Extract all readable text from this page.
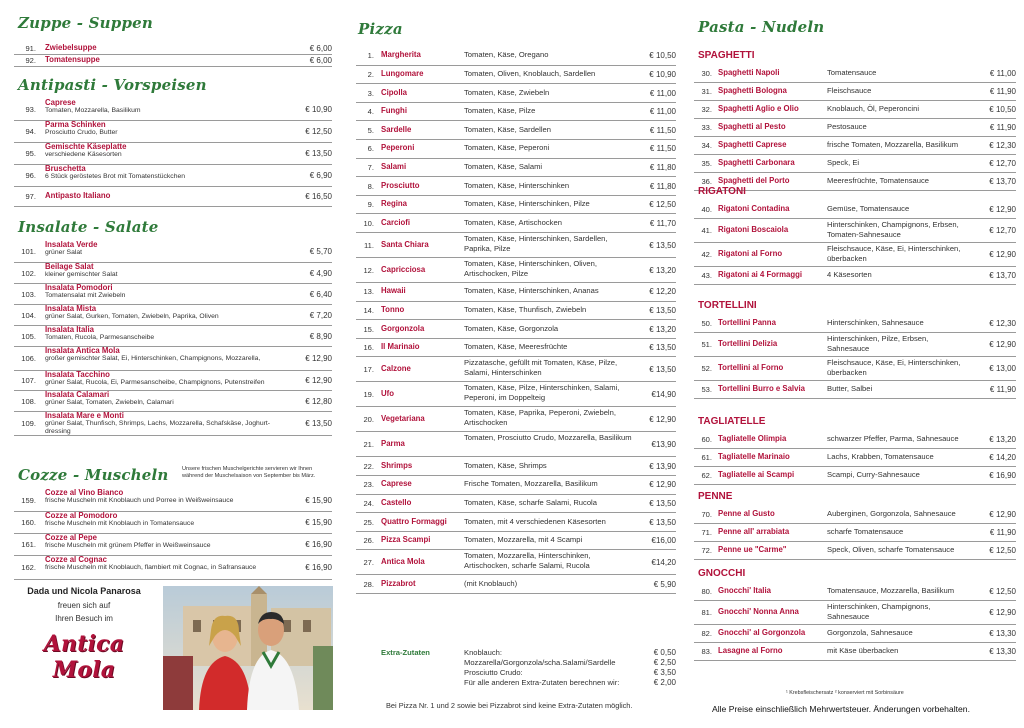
Zuppe - Suppen
91. Zwiebelsuppe	€ 6,00
92. Tomatensuppe	€ 6,00
Antipasti - Vorspeisen
93.
Caprese
Tomaten, Mozzarella, Basilikum	€ 10,90
94.
Parma Schinken
Prosciutto Crudo, Butter	€ 12,50
95.
Gemischte Käseplatte
verschiedene Käsesorten	€ 13,50
96.
Bruschetta
6 Stück geröstetes Brot mit Tomatenstückchen	€ 6,90
97. Antipasto Italiano	€ 16,50
Insalate - Salate
101.
Insalata Verde
grüner Salat	€ 5,70
102.
Beilage Salat
kleiner gemischter Salat	€ 4,90
103.
Insalata Pomodori
Tomatensalat mit Zwiebeln	€ 6,40
104.
Insalata Mista
grüner Salat, Gurken, Tomaten, Zwiebeln, Paprika, Oliven	€ 7,20
105.
Insalata Italia
Tomaten, Rucola, Parmesanscheibe	€ 8,90
106.
Insalata Antica Mola
großer gemischter Salat, Ei, Hinterschinken, Champignons, Mozzarella,	€ 12,90
107.
Insalata Tacchino
grüner Salat, Rucola, Ei, Parmesanscheibe, Champignons, Putenstreifen	€ 12,90
108.
Insalata Calamari
grüner Salat, Tomaten, Zwiebeln, Calamari	€ 12,80
109.
Insalata Mare e Monti
grüner Salat, Thunfisch, Shrimps, Lachs, Mozzarella, Schafskäse, Joghurt-dressing
€ 13,50
Cozze - Muscheln Unsere frischen Muschelgerichte servieren wir Ihnen während der Muschelsaison von September bis März.
159.
Cozze al Vino Bianco
frische Muscheln mit Knoblauch und Porree in Weißweinsauce	€ 15,90
160.
Cozze al Pomodoro
frische Muscheln mit Knoblauch in Tomatensauce	€ 15,90
161.
Cozze al Pepe
frische Muscheln mit grünem Pfeffer in Weißweinsauce	€ 16,90
162.
Cozze al Cognac
frische Muscheln mit Knoblauch, flambiert mit Cognac, in Safransauce	€ 16,90
Dada und Nicola Panarosa
freuen sich auf
Ihren Besuch im
Antica Mola
Pizza
1. Margherita	Tomaten, Käse, Oregano	€ 10,50
2. Lungomare	Tomaten, Oliven, Knoblauch, Sardellen	€ 10,90
3. Cipolla	Tomaten, Käse, Zwiebeln	€ 11,00
4. Funghi	Tomaten, Käse, Pilze	€ 11,00
5. Sardelle	Tomaten, Käse, Sardellen	€ 11,50
6. Peperoni	Tomaten, Käse, Peperoni	€ 11,50
7. Salami	Tomaten, Käse, Salami	€ 11,80
8. Prosciutto	Tomaten, Käse, Hinterschinken	€ 11,80
9. Regina	Tomaten, Käse, Hinterschinken, Pilze	€ 12,50
10. Carciofi	Tomaten, Käse, Artischocken	€ 11,70
11. Santa Chiara
Tomaten, Käse, Hinterschinken, Sardellen, Paprika, Pilze	€ 13,50
12. Capricciosa
Tomaten, Käse, Hinterschinken, Oliven, Artischocken, Pilze	€ 13,20
13. Hawaii	Tomaten, Käse, Hinterschinken, Ananas	€ 12,20
14. Tonno	Tomaten, Käse, Thunfisch, Zwiebeln	€ 13,50
15. Gorgonzola	Tomaten, Käse, Gorgonzola	€ 13,20
16. Il Marinaio	Tomaten, Käse, Meeresfrüchte	€ 13,50
17. Calzone
Pizzatasche, gefüllt mit Tomaten, Käse, Pilze, Salami, Hinterschinken	€ 13,50
19. Ufo
Tomaten, Käse, Pilze, Hinterschinken, Salami, Peperoni, im Doppelteig	€14,90
20. Vegetariana
Tomaten, Käse, Paprika, Peperoni, Zwiebeln, Artischocken	€ 12,90
21. Parma
Tomaten, Prosciutto Crudo, Mozzarella, Basilikum
€13,90
22. Shrimps	Tomaten, Käse, Shrimps	€ 13,90
23. Caprese	Frische Tomaten, Mozzarella, Basilikum	€ 12,90
24. Castello	Tomaten, Käse, scharfe Salami, Rucola	€ 13,50
25. Quattro Formaggi Tomaten, mit 4 verschiedenen Käsesorten	€ 13,50
26. Pizza Scampi	Tomaten, Mozzarella, mit 4 Scampi	€16,00
27. Antica Mola
Tomaten, Mozzarella, Hinterschinken, Artischocken, scharfe Salami, Rucola	€14,20
28. Pizzabrot	(mit Knoblauch)	€ 5,90
Extra-Zutaten	Knoblauch:	€ 0,50
Mozzarella/Gorgonzola/scha.Salami/Sardelle	€ 2,50
Prosciutto Crudo:	€ 3,50
Für alle anderen Extra-Zutaten berechnen wir:	€ 2,00
Bei Pizza Nr. 1 und 2 sowie bei Pizzabrot sind keine Extra-Zutaten möglich.
Pasta - Nudeln
SPAGHETTI
30. Spaghetti Napoli	Tomatensauce	€ 11,00
31. Spaghetti Bologna	Fleischsauce	€ 11,90
32. Spaghetti Aglio e Olio	Knoblauch, Öl, Peperoncini	€ 10,50
33. Spaghetti al Pesto	Pestosauce	€ 11,90
34. Spaghetti Caprese	frische Tomaten, Mozzarella, Basilikum	€ 12,30
35. Spaghetti Carbonara	Speck, Ei	€ 12,70
36. Spaghetti del Porto	Meeresfrüchte, Tomatensauce	€ 13,70
RIGATONI
40. Rigatoni Contadina	Gemüse, Tomatensauce	€ 12,90
41. Rigatoni Boscaiola
Hinterschinken, Champignons, Erbsen, Tomaten-Sahnesauce	€ 12,70
42. Rigatoni al Forno
Fleischsauce, Käse, Ei, Hinterschinken, überbacken	€ 12,90
43. Rigatoni ai 4 Formaggi	4 Käsesorten	€ 13,70
TORTELLINI
50. Tortellini Panna	Hinterschinken, Sahnesauce	€ 12,30
51. Tortellini Delizia
Hinterschinken, Pilze, Erbsen, Sahnesauce	€ 12,90
52. Tortellini al Forno
Fleischsauce, Käse, Ei, Hinterschinken, überbacken	€ 13,00
53. Tortellini Burro e Salvia	Butter, Salbei	€ 11,90
TAGLIATELLE
60. Tagliatelle Olimpia	schwarzer Pfeffer, Parma, Sahnesauce	€ 13,20
61. Tagliatelle Marinaio	Lachs, Krabben, Tomatensauce	€ 14,20
62. Tagliatelle ai Scampi	Scampi, Curry-Sahnesauce	€ 16,90
PENNE
70. Penne al Gusto	Auberginen, Gorgonzola, Sahnesauce	€ 12,90
71. Penne all' arrabiata	scharfe Tomatensauce	€ 11,90
72. Penne ue "Carme"	Speck, Oliven, scharfe Tomatensauce	€ 12,50
GNOCCHI
80. Gnocchi' Italia	Tomatensauce, Mozzarella, Basilikum	€ 12,50
81. Gnocchi' Nonna Anna
Hinterschinken, Champignons, Sahnesauce	€ 12,90
82. Gnocchi' al Gorgonzola	Gorgonzola, Sahnesauce	€ 13,30
83. Lasagne al Forno	mit Käse überbacken	€ 13,30
¹ Krebsfleischersatz ² konserviert mit Sorbinsäure
Alle Preise einschließlich Mehrwertsteuer. Änderungen vorbehalten.
